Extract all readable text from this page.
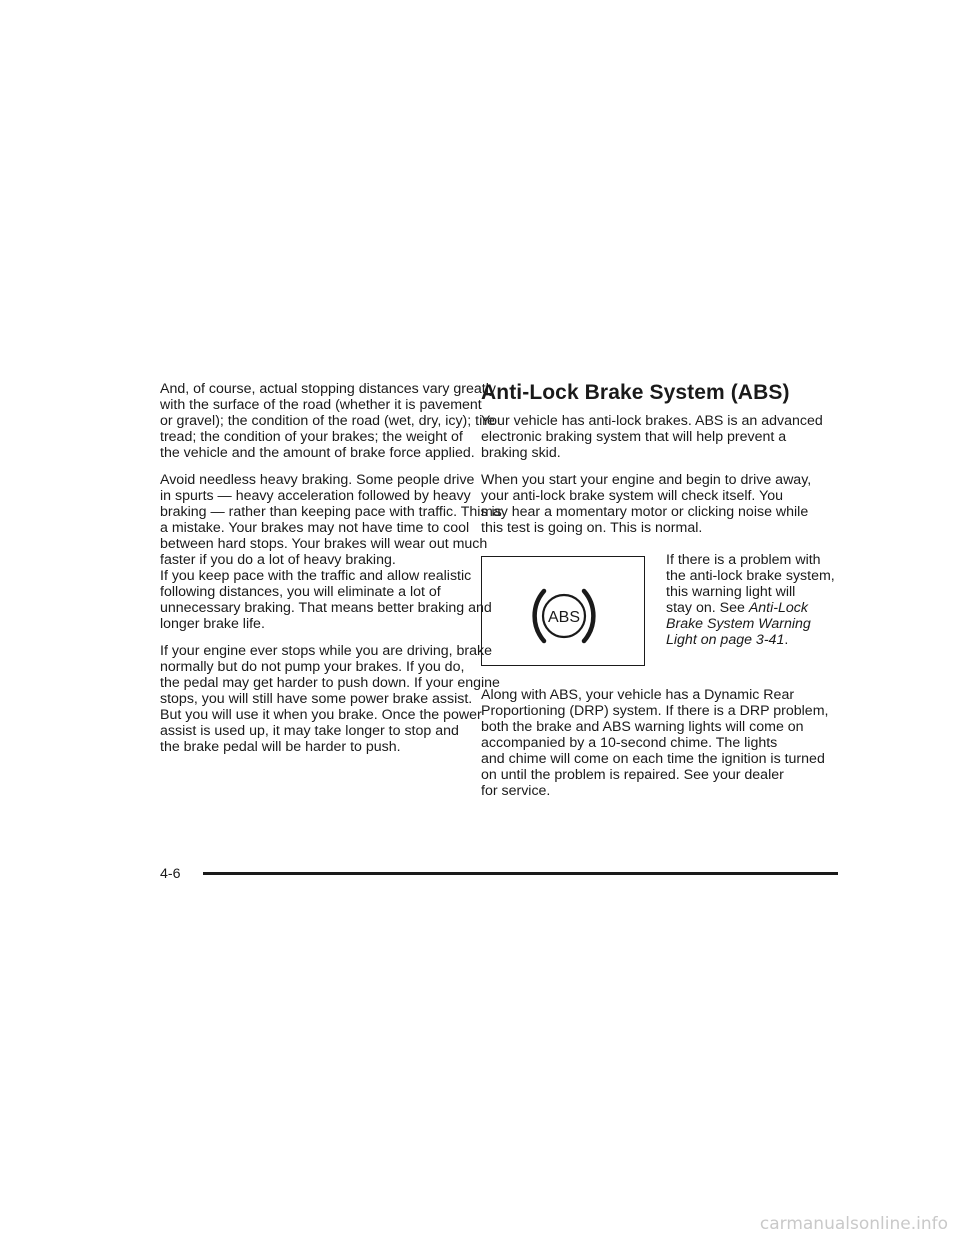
And, of course, actual stopping distances vary greatly
with the surface of the road (whether it is pavement
or gravel); the condition of the road (wet, dry, icy); tire
tread; the condition of your brakes; the weight of
the vehicle and the amount of brake force applied.

Avoid needless heavy braking. Some people drive
in spurts — heavy acceleration followed by heavy
braking — rather than keeping pace with traffic. This is
a mistake. Your brakes may not have time to cool
between hard stops. Your brakes will wear out much
faster if you do a lot of heavy braking.
If you keep pace with the traffic and allow realistic
following distances, you will eliminate a lot of
unnecessary braking. That means better braking and
longer brake life.

If your engine ever stops while you are driving, brake
normally but do not pump your brakes. If you do,
the pedal may get harder to push down. If your engine
stops, you will still have some power brake assist.
But you will use it when you brake. Once the power
assist is used up, it may take longer to stop and
the brake pedal will be harder to push.

Anti-Lock Brake System (ABS)

Your vehicle has anti-lock brakes. ABS is an advanced
electronic braking system that will help prevent a
braking skid.

When you start your engine and begin to drive away,
your anti-lock brake system will check itself. You
may hear a momentary motor or clicking noise while
this test is going on. This is normal.

ABS
If there is a problem with
the anti-lock brake system,
this warning light will
stay on. See Anti-Lock
Brake System Warning
Light on page 3-41.

Along with ABS, your vehicle has a Dynamic Rear
Proportioning (DRP) system. If there is a DRP problem,
both the brake and ABS warning lights will come on
accompanied by a 10-second chime. The lights
and chime will come on each time the ignition is turned
on until the problem is repaired. See your dealer
for service.

4-6
carmanualsonline.info
